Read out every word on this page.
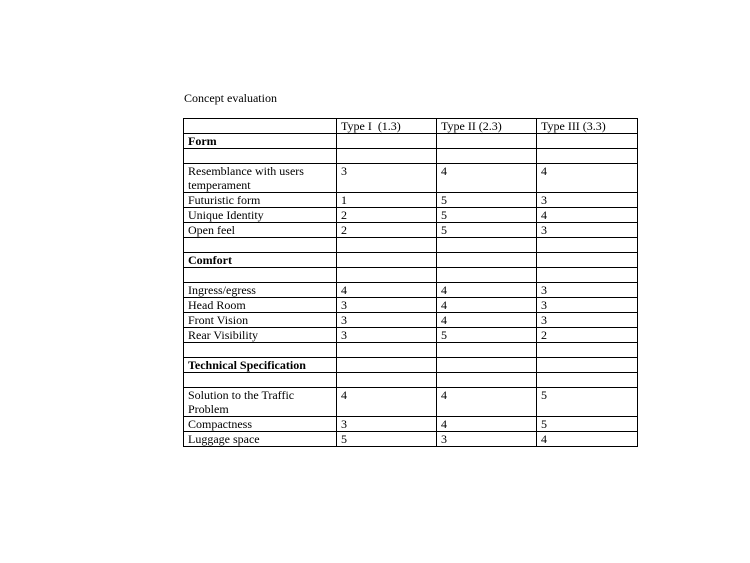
Concept evaluation
	Type I  (1.3)	Type II (2.3)	Type III (3.3)
Form			

Resemblance with users temperament	3	4	4
Futuristic form	1	5	3
Unique Identity	2	5	4
Open feel	2	5	3

Comfort			

Ingress/egress	4	4	3
Head Room	3	4	3
Front Vision	3	4	3
Rear Visibility	3	5	2

Technical Specification			

Solution to the Traffic Problem	4	4	5
Compactness	3	4	5
Luggage space	5	3	4
